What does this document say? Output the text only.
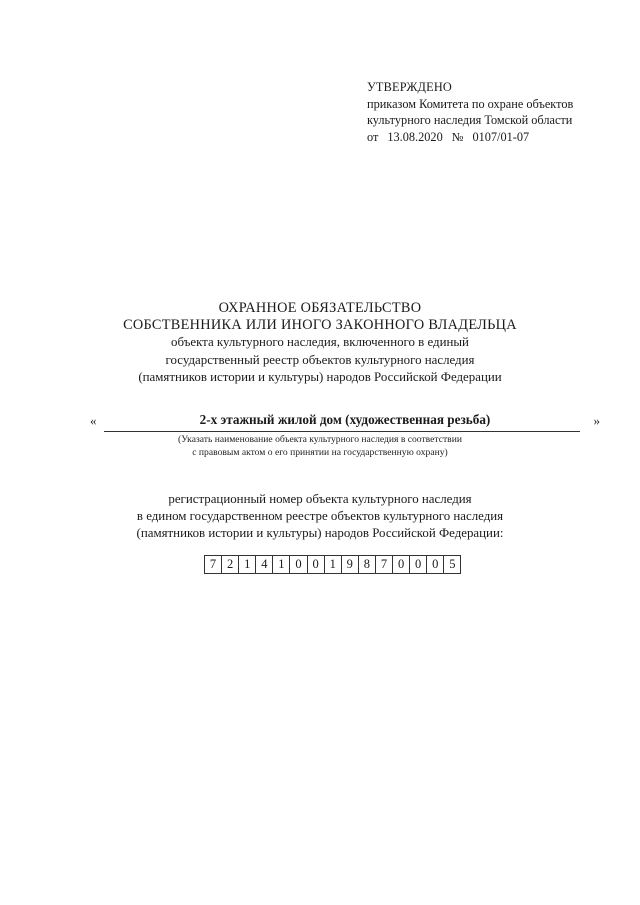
УТВЕРЖДЕНО
приказом Комитета по охране объектов
культурного наследия Томской области
от 13.08.2020 № 0107/01-07
ОХРАННОЕ ОБЯЗАТЕЛЬСТВО
СОБСТВЕННИКА ИЛИ ИНОГО ЗАКОННОГО ВЛАДЕЛЬЦА
объекта культурного наследия, включенного в единый
государственный реестр объектов культурного наследия
(памятников истории и культуры) народов Российской Федерации
«	2-х этажный жилой дом (художественная резьба)	»
(Указать наименование объекта культурного наследия в соответствии
с правовым актом о его принятии на государственную охрану)
регистрационный номер объекта культурного наследия
в едином государственном реестре объектов культурного наследия
(памятников истории и культуры) народов Российской Федерации:
7 2 1 4 1 0 0 1 9 8 7 0 0 0 5
